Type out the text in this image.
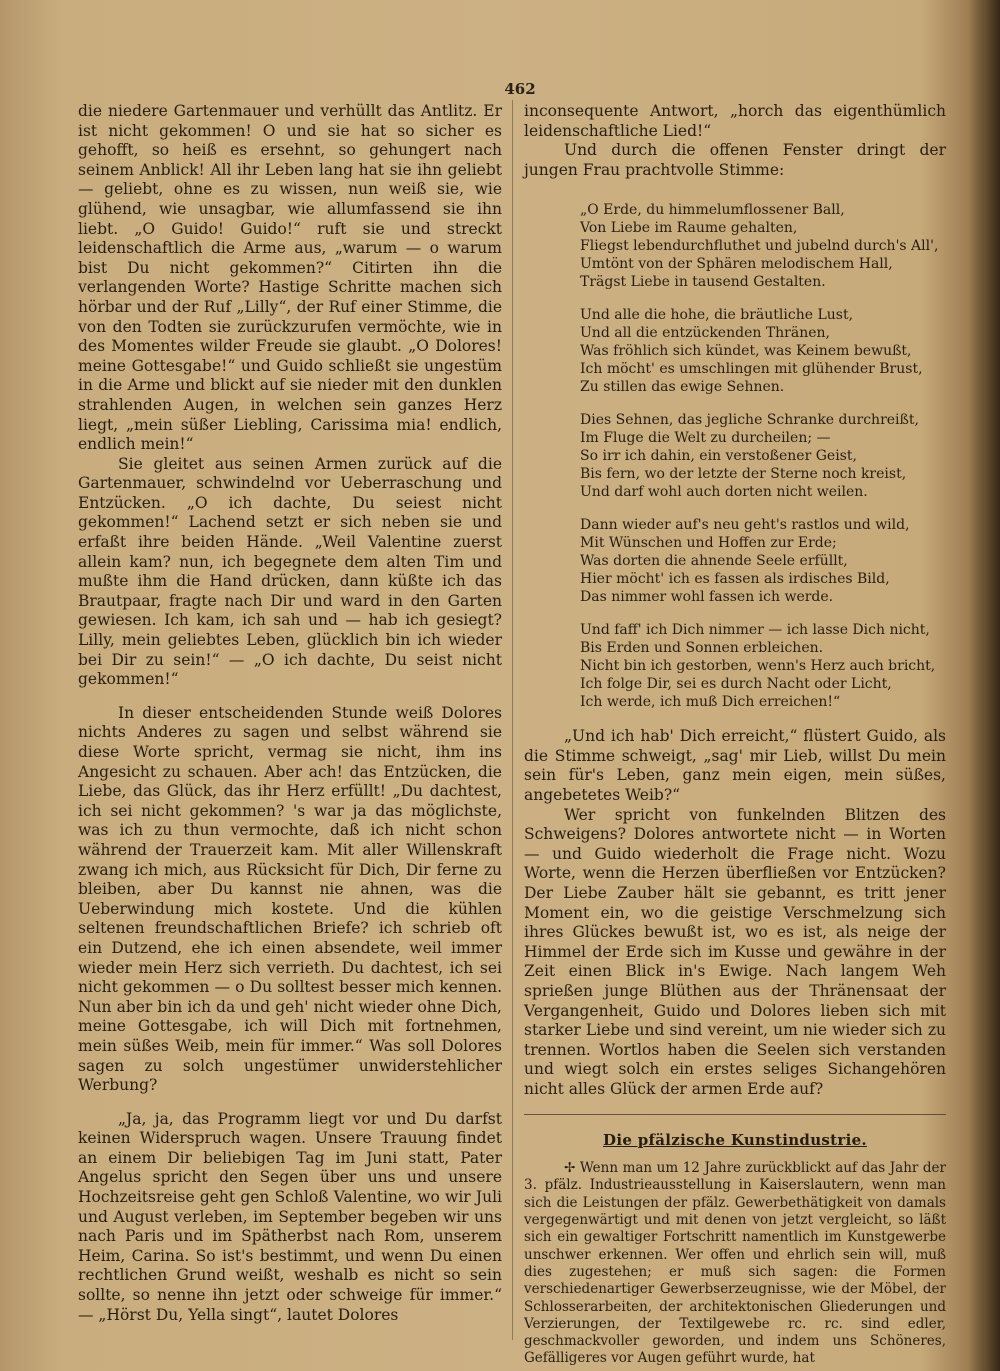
462

die niedere Gartenmauer und verhüllt das Antlitz. Er ist nicht gekommen! O und sie hat so sicher es gehofft, so heiß es ersehnt, so gehungert nach seinem Anblick! All ihr Leben lang hat sie ihn geliebt — geliebt, ohne es zu wissen, nun weiß sie, wie glühend, wie unsagbar, wie allumfassend sie ihn liebt. „O Guido! Guido!“ ruft sie und streckt leidenschaftlich die Arme aus, „warum — o warum bist Du nicht gekommen?“ Citirten ihn die verlangenden Worte? Hastige Schritte machen sich hörbar und der Ruf „Lilly“, der Ruf einer Stimme, die von den Todten sie zurückzurufen vermöchte, wie in des Momentes wilder Freude sie glaubt. „O Dolores! meine Gottesgabe!“ und Guido schließt sie ungestüm in die Arme und blickt auf sie nieder mit den dunklen strahlenden Augen, in welchen sein ganzes Herz liegt, „mein süßer Liebling, Carissima mia! endlich, endlich mein!“

Sie gleitet aus seinen Armen zurück auf die Gartenmauer, schwindelnd vor Ueberraschung und Entzücken. „O ich dachte, Du seiest nicht gekommen!“ Lachend setzt er sich neben sie und erfaßt ihre beiden Hände. „Weil Valentine zuerst allein kam? nun, ich begegnete dem alten Tim und mußte ihm die Hand drücken, dann küßte ich das Brautpaar, fragte nach Dir und ward in den Garten gewiesen. Ich kam, ich sah und — hab ich gesiegt? Lilly, mein geliebtes Leben, glücklich bin ich wieder bei Dir zu sein!“ — „O ich dachte, Du seist nicht gekommen!“

In dieser entscheidenden Stunde weiß Dolores nichts Anderes zu sagen und selbst während sie diese Worte spricht, vermag sie nicht, ihm ins Angesicht zu schauen. Aber ach! das Entzücken, die Liebe, das Glück, das ihr Herz erfüllt! „Du dachtest, ich sei nicht gekommen? 's war ja das möglichste, was ich zu thun vermochte, daß ich nicht schon während der Trauerzeit kam. Mit aller Willenskraft zwang ich mich, aus Rücksicht für Dich, Dir ferne zu bleiben, aber Du kannst nie ahnen, was die Ueberwindung mich kostete. Und die kühlen seltenen freundschaftlichen Briefe? ich schrieb oft ein Dutzend, ehe ich einen absendete, weil immer wieder mein Herz sich verrieth. Du dachtest, ich sei nicht gekommen — o Du solltest besser mich kennen. Nun aber bin ich da und geh' nicht wieder ohne Dich, meine Gottesgabe, ich will Dich mit fortnehmen, mein süßes Weib, mein für immer.“ Was soll Dolores sagen zu solch ungestümer unwiderstehlicher Werbung?

„Ja, ja, das Programm liegt vor und Du darfst keinen Widerspruch wagen. Unsere Trauung findet an einem Dir beliebigen Tag im Juni statt, Pater Angelus spricht den Segen über uns und unsere Hochzeitsreise geht gen Schloß Valentine, wo wir Juli und August verleben, im September begeben wir uns nach Paris und im Spätherbst nach Rom, unserem Heim, Carina. So ist's bestimmt, und wenn Du einen rechtlichen Grund weißt, weshalb es nicht so sein sollte, so nenne ihn jetzt oder schweige für immer.“ — „Hörst Du, Yella singt“, lautet Dolores

inconsequente Antwort, „horch das eigenthümlich leidenschaftliche Lied!“

Und durch die offenen Fenster dringt der jungen Frau prachtvolle Stimme:

„O Erde, du himmelumflossener Ball,
Von Liebe im Raume gehalten,
Fliegst lebendurchfluthet und jubelnd durch's All',
Umtönt von der Sphären melodischem Hall,
Trägst Liebe in tausend Gestalten.
Und alle die hohe, die bräutliche Lust,
Und all die entzückenden Thränen,
Was fröhlich sich kündet, was Keinem bewußt,
Ich möcht' es umschlingen mit glühender Brust,
Zu stillen das ewige Sehnen.
Dies Sehnen, das jegliche Schranke durchreißt,
Im Fluge die Welt zu durcheilen; —
So irr ich dahin, ein verstoßener Geist,
Bis fern, wo der letzte der Sterne noch kreist,
Und darf wohl auch dorten nicht weilen.
Dann wieder auf's neu geht's rastlos und wild,
Mit Wünschen und Hoffen zur Erde;
Was dorten die ahnende Seele erfüllt,
Hier möcht' ich es fassen als irdisches Bild,
Das nimmer wohl fassen ich werde.
Und faff' ich Dich nimmer — ich lasse Dich nicht,
Bis Erden und Sonnen erbleichen.
Nicht bin ich gestorben, wenn's Herz auch bricht,
Ich folge Dir, sei es durch Nacht oder Licht,
Ich werde, ich muß Dich erreichen!“

„Und ich hab' Dich erreicht,“ flüstert Guido, als die Stimme schweigt, „sag' mir Lieb, willst Du mein sein für's Leben, ganz mein eigen, mein süßes, angebetetes Weib?“

Wer spricht von funkelnden Blitzen des Schweigens? Dolores antwortete nicht — in Worten — und Guido wiederholt die Frage nicht. Wozu Worte, wenn die Herzen überfließen vor Entzücken? Der Liebe Zauber hält sie gebannt, es tritt jener Moment ein, wo die geistige Verschmelzung sich ihres Glückes bewußt ist, wo es ist, als neige der Himmel der Erde sich im Kusse und gewähre in der Zeit einen Blick in's Ewige. Nach langem Weh sprießen junge Blüthen aus der Thränensaat der Vergangenheit, Guido und Dolores lieben sich mit starker Liebe und sind vereint, um nie wieder sich zu trennen. Wortlos haben die Seelen sich verstanden und wiegt solch ein erstes seliges Sichangehören nicht alles Glück der armen Erde auf?

Die pfälzische Kunstindustrie.

✢ Wenn man um 12 Jahre zurückblickt auf das Jahr der 3. pfälz. Industrieausstellung in Kaiserslautern, wenn man sich die Leistungen der pfälz. Gewerbethätigkeit von damals vergegenwärtigt und mit denen von jetzt vergleicht, so läßt sich ein gewaltiger Fortschritt namentlich im Kunstgewerbe unschwer erkennen. Wer offen und ehrlich sein will, muß dies zugestehen; er muß sich sagen: die Formen verschiedenartiger Gewerbserzeugnisse, wie der Möbel, der Schlosserarbeiten, der architektonischen Gliederungen und Verzierungen, der Textilgewebe rc. rc. sind edler, geschmackvoller geworden, und indem uns Schöneres, Gefälligeres vor Augen geführt wurde, hat
